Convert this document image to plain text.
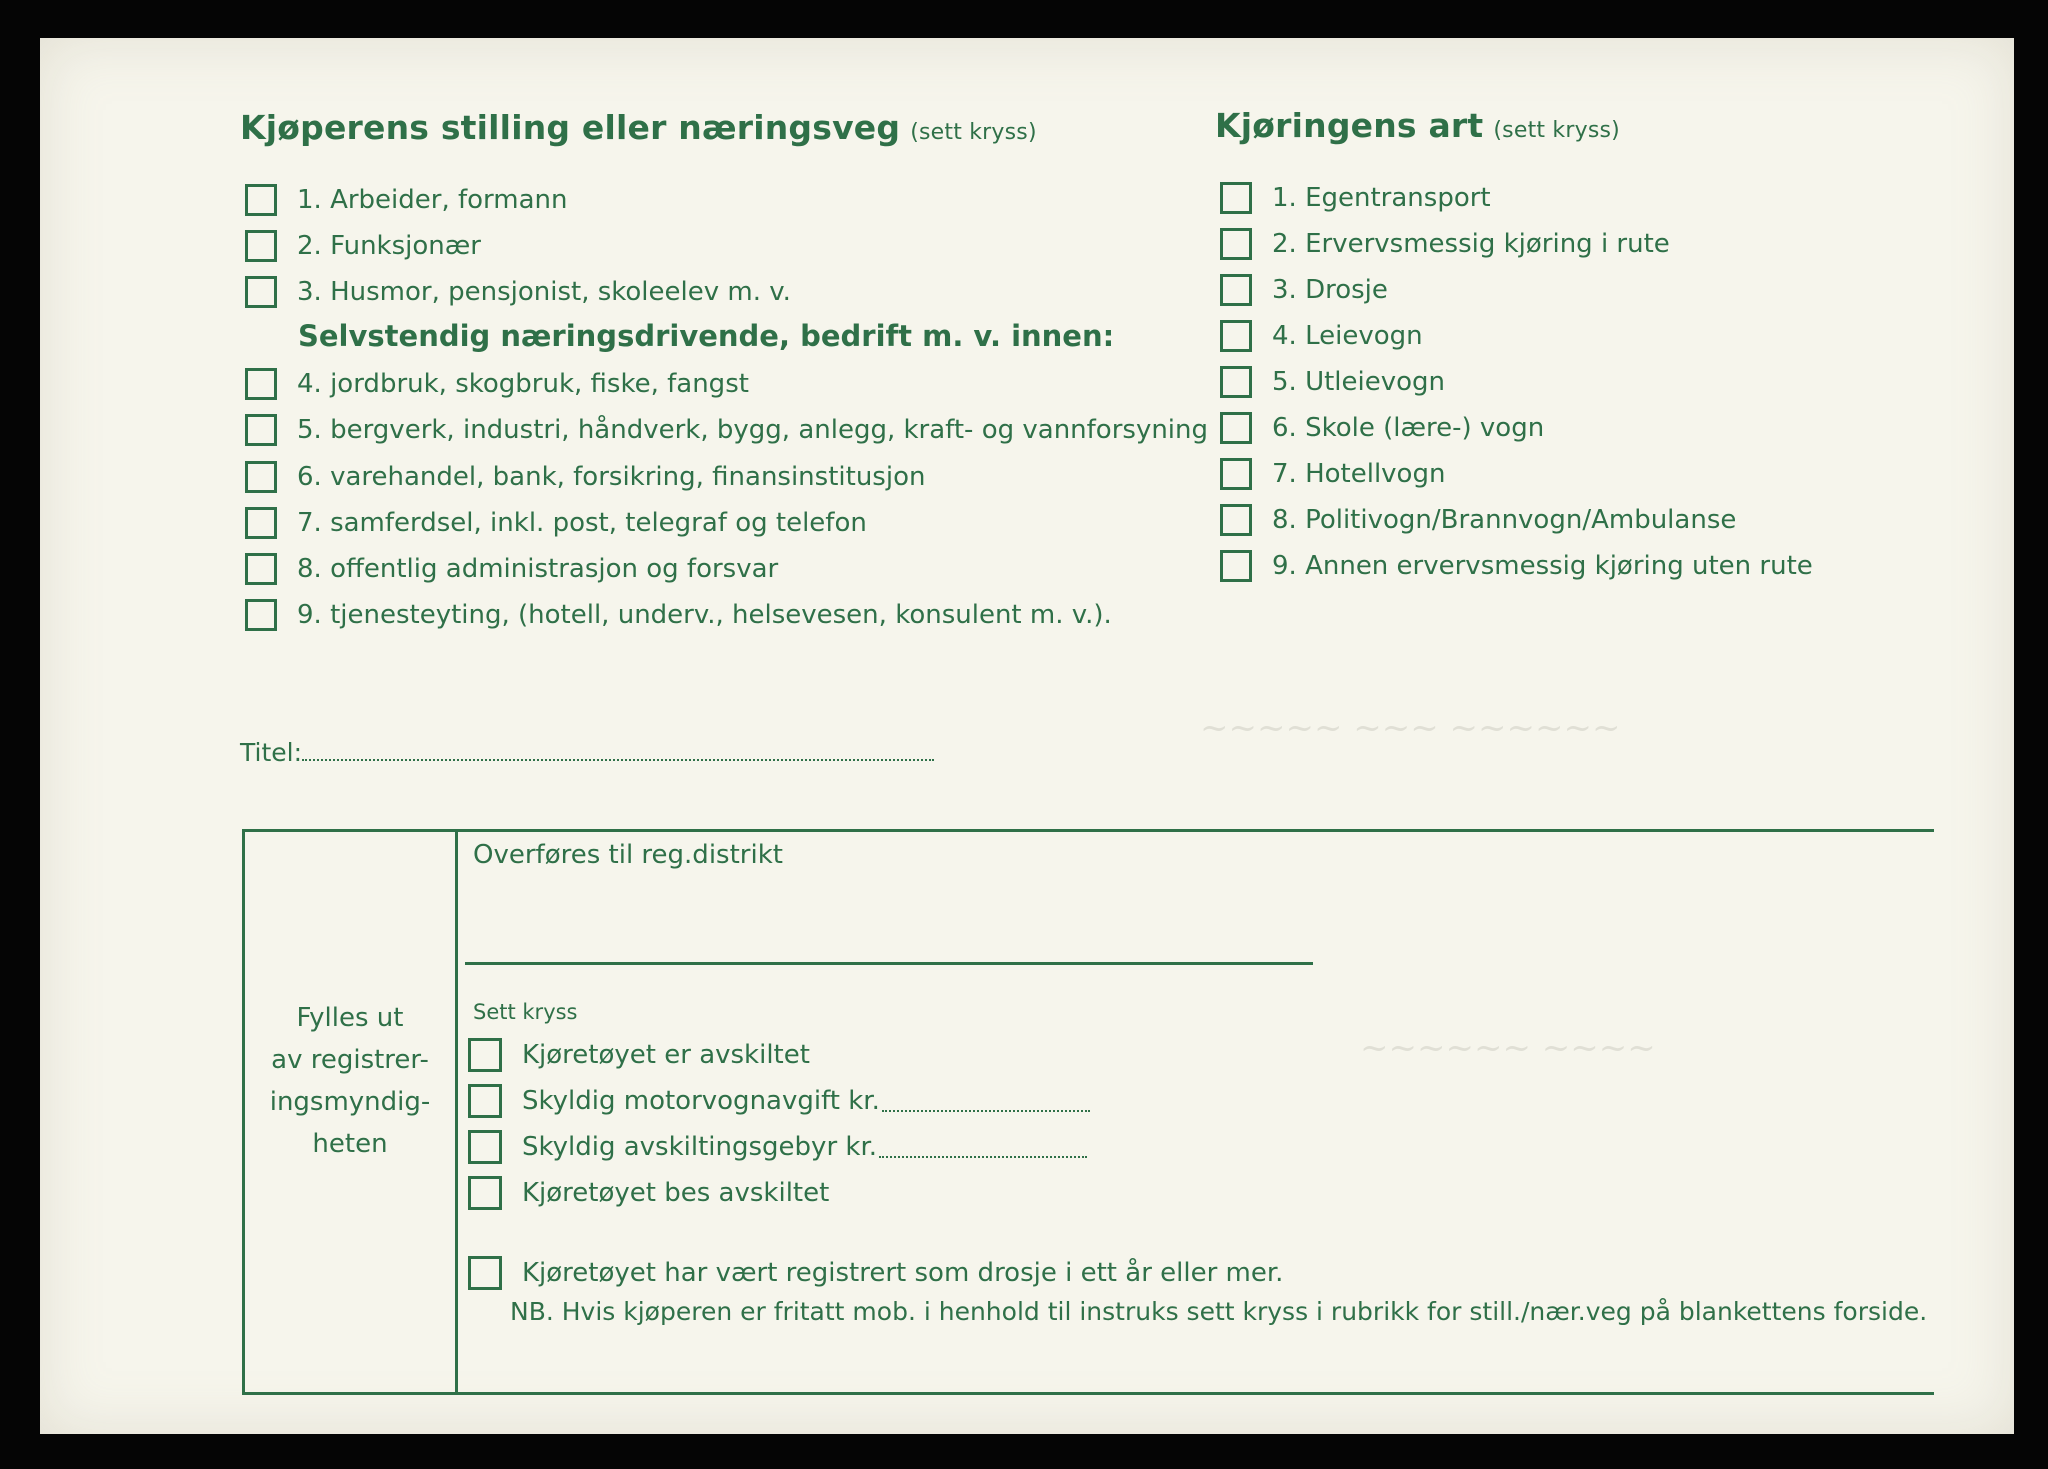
~~~~~ ~~~ ~~~~~~
~~~~~~ ~~~~
Kjøperens stilling eller næringsveg (sett kryss)
1. Arbeider, formann
2. Funksjonær
3. Husmor, pensjonist, skoleelev m. v.
Selvstendig næringsdrivende, bedrift m. v. innen:
4. jordbruk, skogbruk, fiske, fangst
5. bergverk, industri, håndverk, bygg, anlegg, kraft- og vannforsyning
6. varehandel, bank, forsikring, finansinstitusjon
7. samferdsel, inkl. post, telegraf og telefon
8. offentlig administrasjon og forsvar
9. tjenesteyting, (hotell, underv., helsevesen, konsulent m. v.).
Kjøringens art (sett kryss)
1. Egentransport
2. Ervervsmessig kjøring i rute
3. Drosje
4. Leievogn
5. Utleievogn
6. Skole (lære-) vogn
7. Hotellvogn
8. Politivogn/Brannvogn/Ambulanse
9. Annen ervervsmessig kjøring uten rute
Titel:
Fylles ut
av registrer-
ingsmyndig-
heten
Overføres til reg.distrikt
Sett kryss
Kjøretøyet er avskiltet
Skyldig motorvognavgift kr.
Skyldig avskiltingsgebyr kr.
Kjøretøyet bes avskiltet
Kjøretøyet har vært registrert som drosje i ett år eller mer.
NB. Hvis kjøperen er fritatt mob. i henhold til instruks sett kryss i rubrikk for still./nær.veg på blankettens forside.
